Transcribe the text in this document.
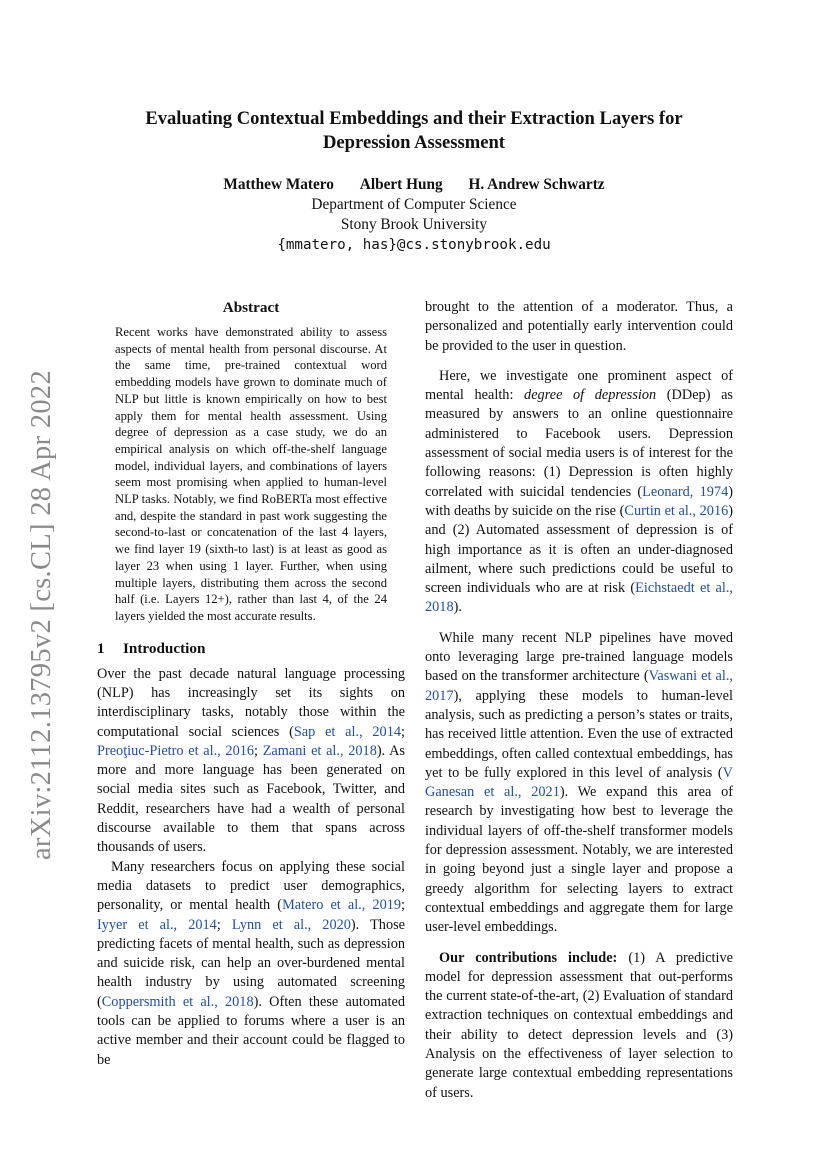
arXiv:2112.13795v2 [cs.CL] 28 Apr 2022
Evaluating Contextual Embeddings and their Extraction Layers for
Depression Assessment
Matthew Matero Albert Hung H. Andrew Schwartz
Department of Computer Science
Stony Brook University
{mmatero, has}@cs.stonybrook.edu
Abstract
Recent works have demonstrated ability to assess aspects of mental health from personal discourse. At the same time, pre-trained contextual word embedding models have grown to dominate much of NLP but little is known empirically on how to best apply them for mental health assessment. Using degree of depression as a case study, we do an empirical analysis on which off-the-shelf language model, individual layers, and combinations of layers seem most promising when applied to human-level NLP tasks. Notably, we find RoBERTa most effective and, despite the standard in past work suggesting the second-to-last or concatenation of the last 4 layers, we find layer 19 (sixth-to last) is at least as good as layer 23 when using 1 layer. Further, when using multiple layers, distributing them across the second half (i.e. Layers 12+), rather than last 4, of the 24 layers yielded the most accurate results.
1 Introduction

Over the past decade natural language processing (NLP) has increasingly set its sights on interdisciplinary tasks, notably those within the computational social sciences (Sap et al., 2014; Preoţiuc-Pietro et al., 2016; Zamani et al., 2018). As more and more language has been generated on social media sites such as Facebook, Twitter, and Reddit, researchers have had a wealth of personal discourse available to them that spans across thousands of users.

Many researchers focus on applying these social media datasets to predict user demographics, personality, or mental health (Matero et al., 2019; Iyyer et al., 2014; Lynn et al., 2020). Those predicting facets of mental health, such as depression and suicide risk, can help an over-burdened mental health industry by using automated screening (Coppersmith et al., 2018). Often these automated tools can be applied to forums where a user is an active member and their account could be flagged to be

brought to the attention of a moderator. Thus, a personalized and potentially early intervention could be provided to the user in question.

Here, we investigate one prominent aspect of mental health: degree of depression (DDep) as measured by answers to an online questionnaire administered to Facebook users. Depression assessment of social media users is of interest for the following reasons: (1) Depression is often highly correlated with suicidal tendencies (Leonard, 1974) with deaths by suicide on the rise (Curtin et al., 2016) and (2) Automated assessment of depression is of high importance as it is often an under-diagnosed ailment, where such predictions could be useful to screen individuals who are at risk (Eichstaedt et al., 2018).

While many recent NLP pipelines have moved onto leveraging large pre-trained language models based on the transformer architecture (Vaswani et al., 2017), applying these models to human-level analysis, such as predicting a person’s states or traits, has received little attention. Even the use of extracted embeddings, often called contextual embeddings, has yet to be fully explored in this level of analysis (V Ganesan et al., 2021). We expand this area of research by investigating how best to leverage the individual layers of off-the-shelf transformer models for depression assessment. Notably, we are interested in going beyond just a single layer and propose a greedy algorithm for selecting layers to extract contextual embeddings and aggregate them for large user-level embeddings.

Our contributions include: (1) A predictive model for depression assessment that out-performs the current state-of-the-art, (2) Evaluation of standard extraction techniques on contextual embeddings and their ability to detect depression levels and (3) Analysis on the effectiveness of layer selection to generate large contextual embedding representations of users.
